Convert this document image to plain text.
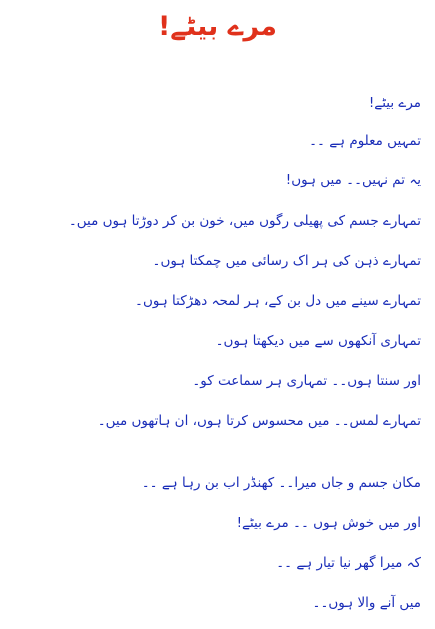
مرے بیٹے!
مرے بیٹے!
تمہیں معلوم ہے ۔۔
یہ تم نہیں۔۔ میں ہوں!
تمہارے جسم کی پھیلی رگوں میں، خون بن کر دوڑتا ہوں میں۔
تمہارے ذہن کی ہر اک رسائی میں چمکتا ہوں۔
تمہارے سینے میں دل بن کے، ہر لمحہ دھڑکتا ہوں۔
تمہاری آنکھوں سے میں دیکھتا ہوں۔
اور سنتا ہوں۔۔ تمہاری ہر سماعت کو۔
تمہارے لمس۔۔ میں محسوس کرتا ہوں، ان ہاتھوں میں۔
مکان جسم و جاں میرا۔۔ کھنڈر اب بن رہا ہے ۔۔
اور میں خوش ہوں ۔۔ مرے بیٹے!
کہ میرا گھر نیا تیار ہے ۔۔
میں آنے والا ہوں۔۔
